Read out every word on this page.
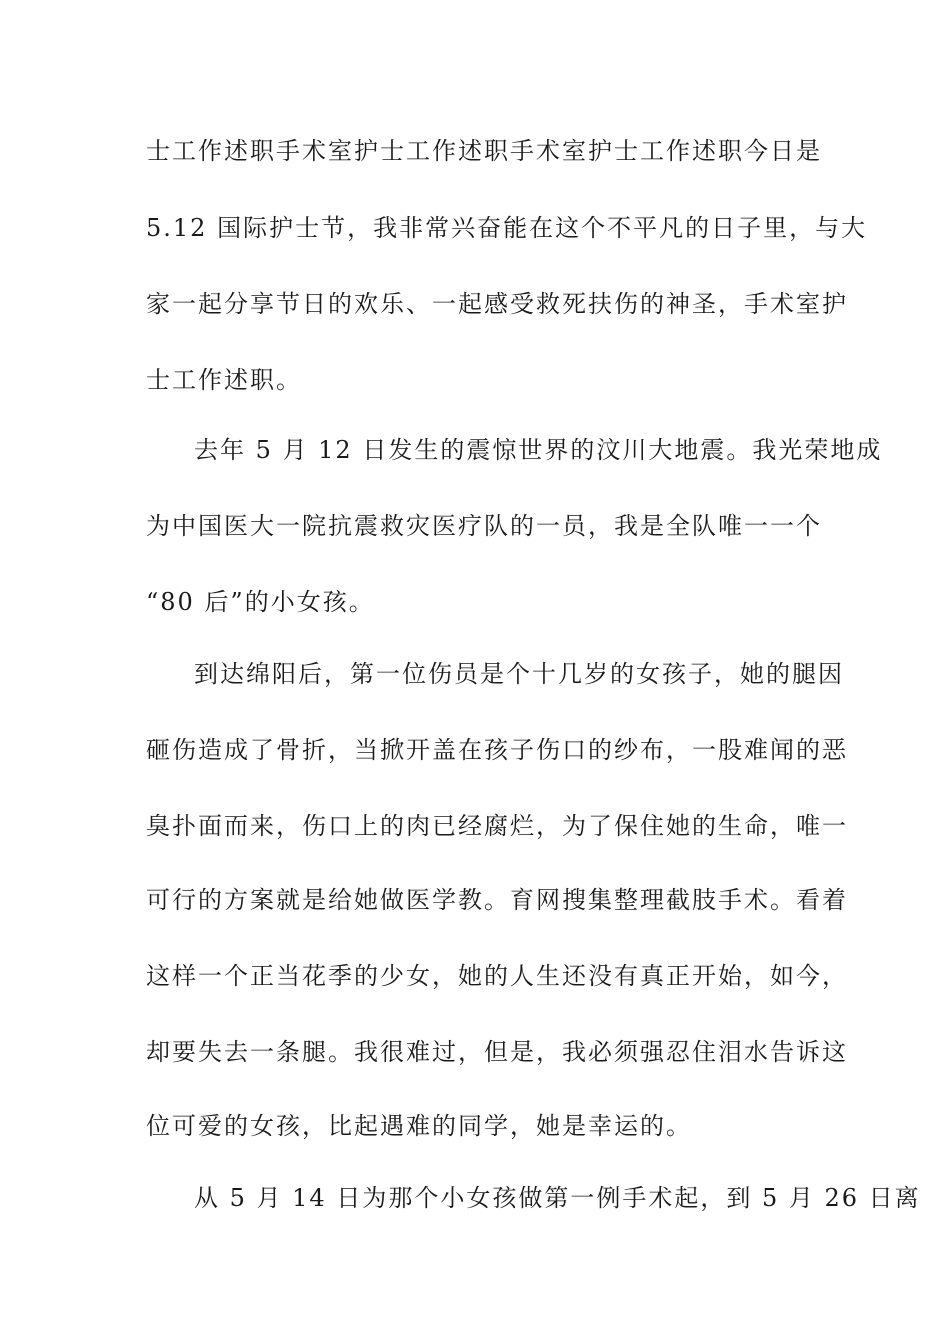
士工作述职手术室护士工作述职手术室护士工作述职今日是
5.12 国际护士节，我非常兴奋能在这个不平凡的日子里，与大
家一起分享节日的欢乐、一起感受救死扶伤的神圣，手术室护
士工作述职。
去年 5 月 12 日发生的震惊世界的汶川大地震。我光荣地成
为中国医大一院抗震救灾医疗队的一员，我是全队唯一一个
“80 后”的小女孩。
到达绵阳后，第一位伤员是个十几岁的女孩子，她的腿因
砸伤造成了骨折，当掀开盖在孩子伤口的纱布，一股难闻的恶
臭扑面而来，伤口上的肉已经腐烂，为了保住她的生命，唯一
可行的方案就是给她做医学教。育网搜集整理截肢手术。看着
这样一个正当花季的少女，她的人生还没有真正开始，如今，
却要失去一条腿。我很难过，但是，我必须强忍住泪水告诉这
位可爱的女孩，比起遇难的同学，她是幸运的。
从 5 月 14 日为那个小女孩做第一例手术起，到 5 月 26 日离
